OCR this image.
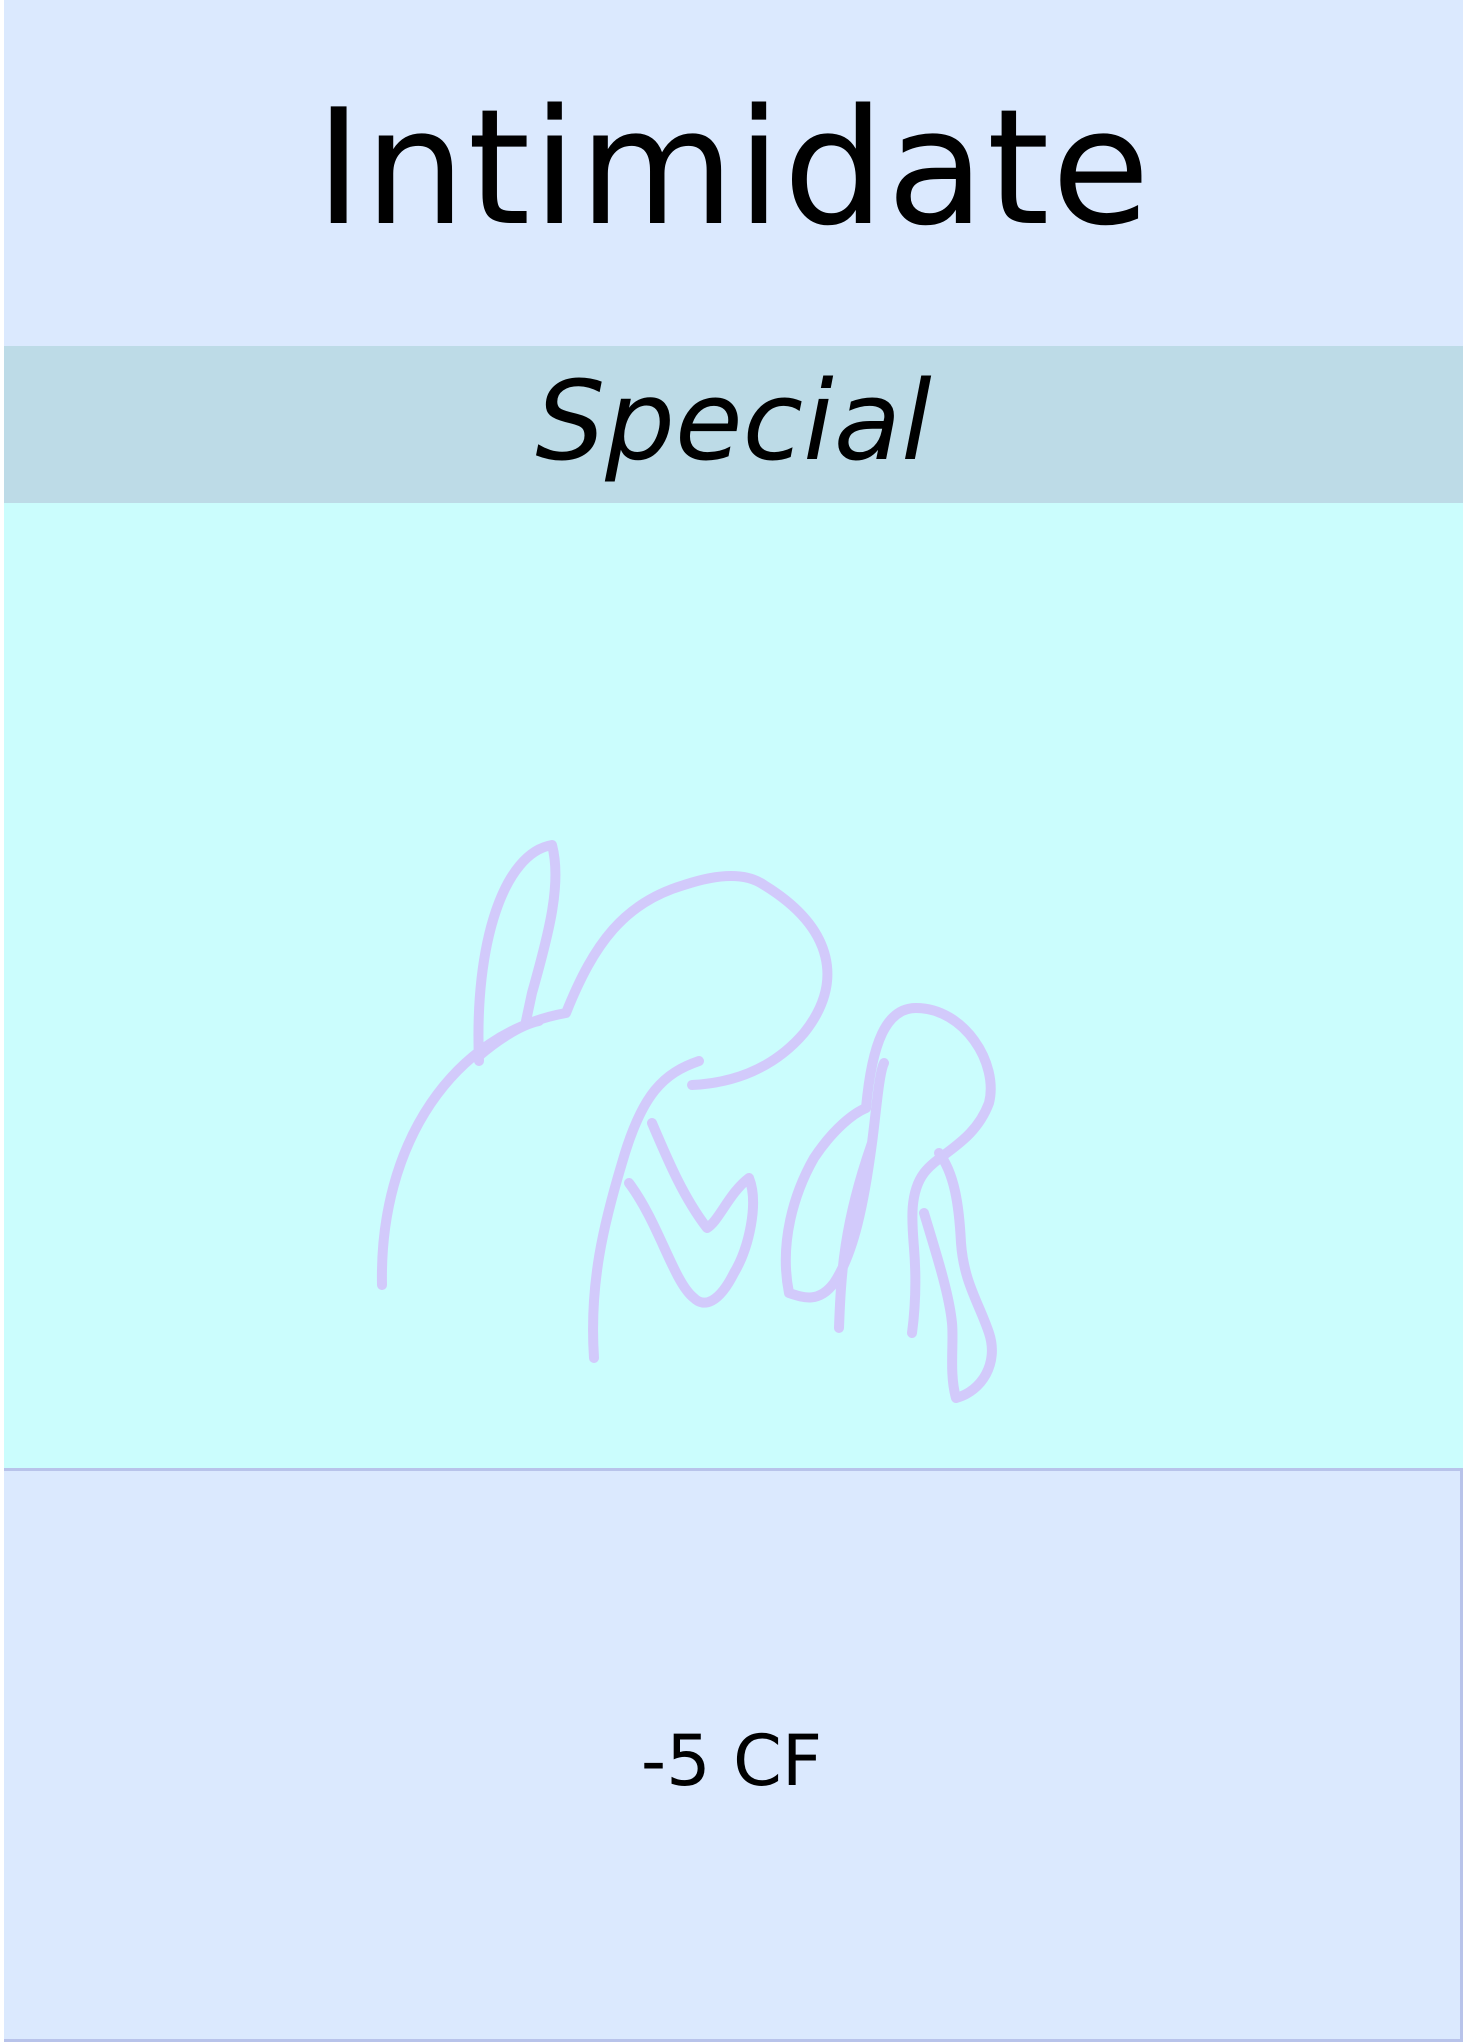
Intimidate
Special
-5 CF
